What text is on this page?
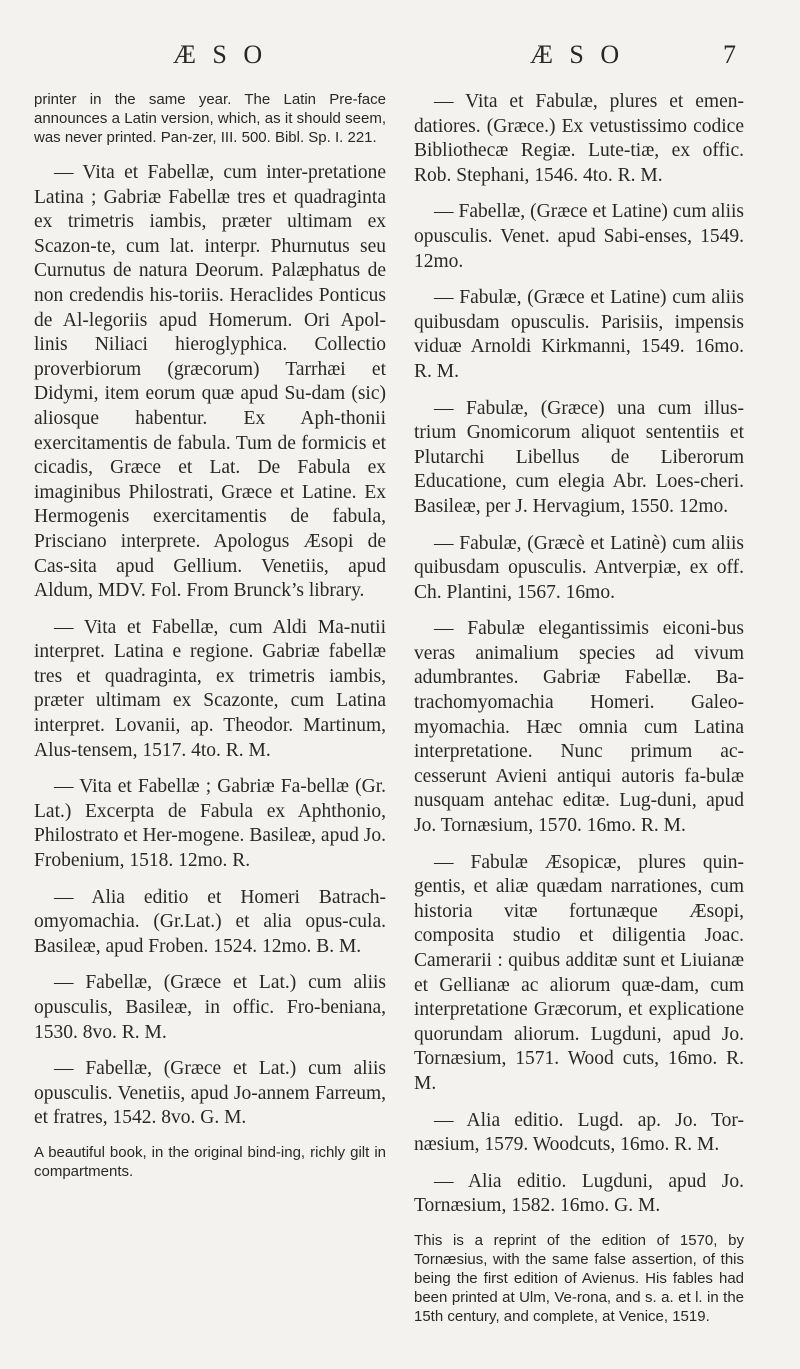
Æ S O	Æ S O	7

printer in the same year. The Latin Pre-face announces a Latin version, which, as it should seem, was never printed. Pan-zer, III. 500. Bibl. Sp. I. 221.

— Vita et Fabellæ, cum inter-pretatione Latina ; Gabriæ Fabellæ tres et quadraginta ex trimetris iambis, præter ultimam ex Scazon-te, cum lat. interpr. Phurnutus seu Curnutus de natura Deorum. Palæphatus de non credendis his-toriis. Heraclides Ponticus de Al-legoriis apud Homerum. Ori Apol-linis Niliaci hieroglyphica. Collectio proverbiorum (græcorum) Tarrhæi et Didymi, item eorum quæ apud Su-dam (sic) aliosque habentur. Ex Aph-thonii exercitamentis de fabula. Tum de formicis et cicadis, Græce et Lat. De Fabula ex imaginibus Philostrati, Græce et Latine. Ex Hermogenis exercitamentis de fabula, Prisciano interprete. Apologus Æsopi de Cas-sita apud Gellium. Venetiis, apud Aldum, MDV. Fol. From Brunck’s library.

— Vita et Fabellæ, cum Aldi Ma-nutii interpret. Latina e regione. Gabriæ fabellæ tres et quadraginta, ex trimetris iambis, præter ultimam ex Scazonte, cum Latina interpret. Lovanii, ap. Theodor. Martinum, Alus-tensem, 1517. 4to. R. M.

— Vita et Fabellæ ; Gabriæ Fa-bellæ (Gr. Lat.) Excerpta de Fabula ex Aphthonio, Philostrato et Her-mogene. Basileæ, apud Jo. Frobenium, 1518. 12mo. R.

— Alia editio et Homeri Batrach-omyomachia. (Gr.Lat.) et alia opus-cula. Basileæ, apud Froben. 1524. 12mo. B. M.

— Fabellæ, (Græce et Lat.) cum aliis opusculis, Basileæ, in offic. Fro-beniana, 1530. 8vo. R. M.

— Fabellæ, (Græce et Lat.) cum aliis opusculis. Venetiis, apud Jo-annem Farreum, et fratres, 1542. 8vo. G. M.

A beautiful book, in the original bind-ing, richly gilt in compartments.

— Vita et Fabulæ, plures et emen-datiores. (Græce.) Ex vetustissimo codice Bibliothecæ Regiæ. Lute-tiæ, ex offic. Rob. Stephani, 1546. 4to. R. M.

— Fabellæ, (Græce et Latine) cum aliis opusculis. Venet. apud Sabi-enses, 1549. 12mo.

— Fabulæ, (Græce et Latine) cum aliis quibusdam opusculis. Parisiis, impensis viduæ Arnoldi Kirkmanni, 1549. 16mo. R. M.

— Fabulæ, (Græce) una cum illus-trium Gnomicorum aliquot sententiis et Plutarchi Libellus de Liberorum Educatione, cum elegia Abr. Loes-cheri. Basileæ, per J. Hervagium, 1550. 12mo.

— Fabulæ, (Græcè et Latinè) cum aliis quibusdam opusculis. Antverpiæ, ex off. Ch. Plantini, 1567. 16mo.

— Fabulæ elegantissimis eiconi-bus veras animalium species ad vivum adumbrantes. Gabriæ Fabellæ. Ba-trachomyomachia Homeri. Galeo-myomachia. Hæc omnia cum Latina interpretatione. Nunc primum ac-cesserunt Avieni antiqui autoris fa-bulæ nusquam antehac editæ. Lug-duni, apud Jo. Tornæsium, 1570. 16mo. R. M.

— Fabulæ Æsopicæ, plures quin-gentis, et aliæ quædam narrationes, cum historia vitæ fortunæque Æsopi, composita studio et diligentia Joac. Camerarii : quibus additæ sunt et Liuianæ et Gellianæ ac aliorum quæ-dam, cum interpretatione Græcorum, et explicatione quorundam aliorum. Lugduni, apud Jo. Tornæsium, 1571. Wood cuts, 16mo. R. M.

— Alia editio. Lugd. ap. Jo. Tor-næsium, 1579. Woodcuts, 16mo. R. M.

— Alia editio. Lugduni, apud Jo. Tornæsium, 1582. 16mo. G. M.

This is a reprint of the edition of 1570, by Tornæsius, with the same false assertion, of this being the first edition of Avienus. His fables had been printed at Ulm, Ve-rona, and s. a. et l. in the 15th century, and complete, at Venice, 1519.
